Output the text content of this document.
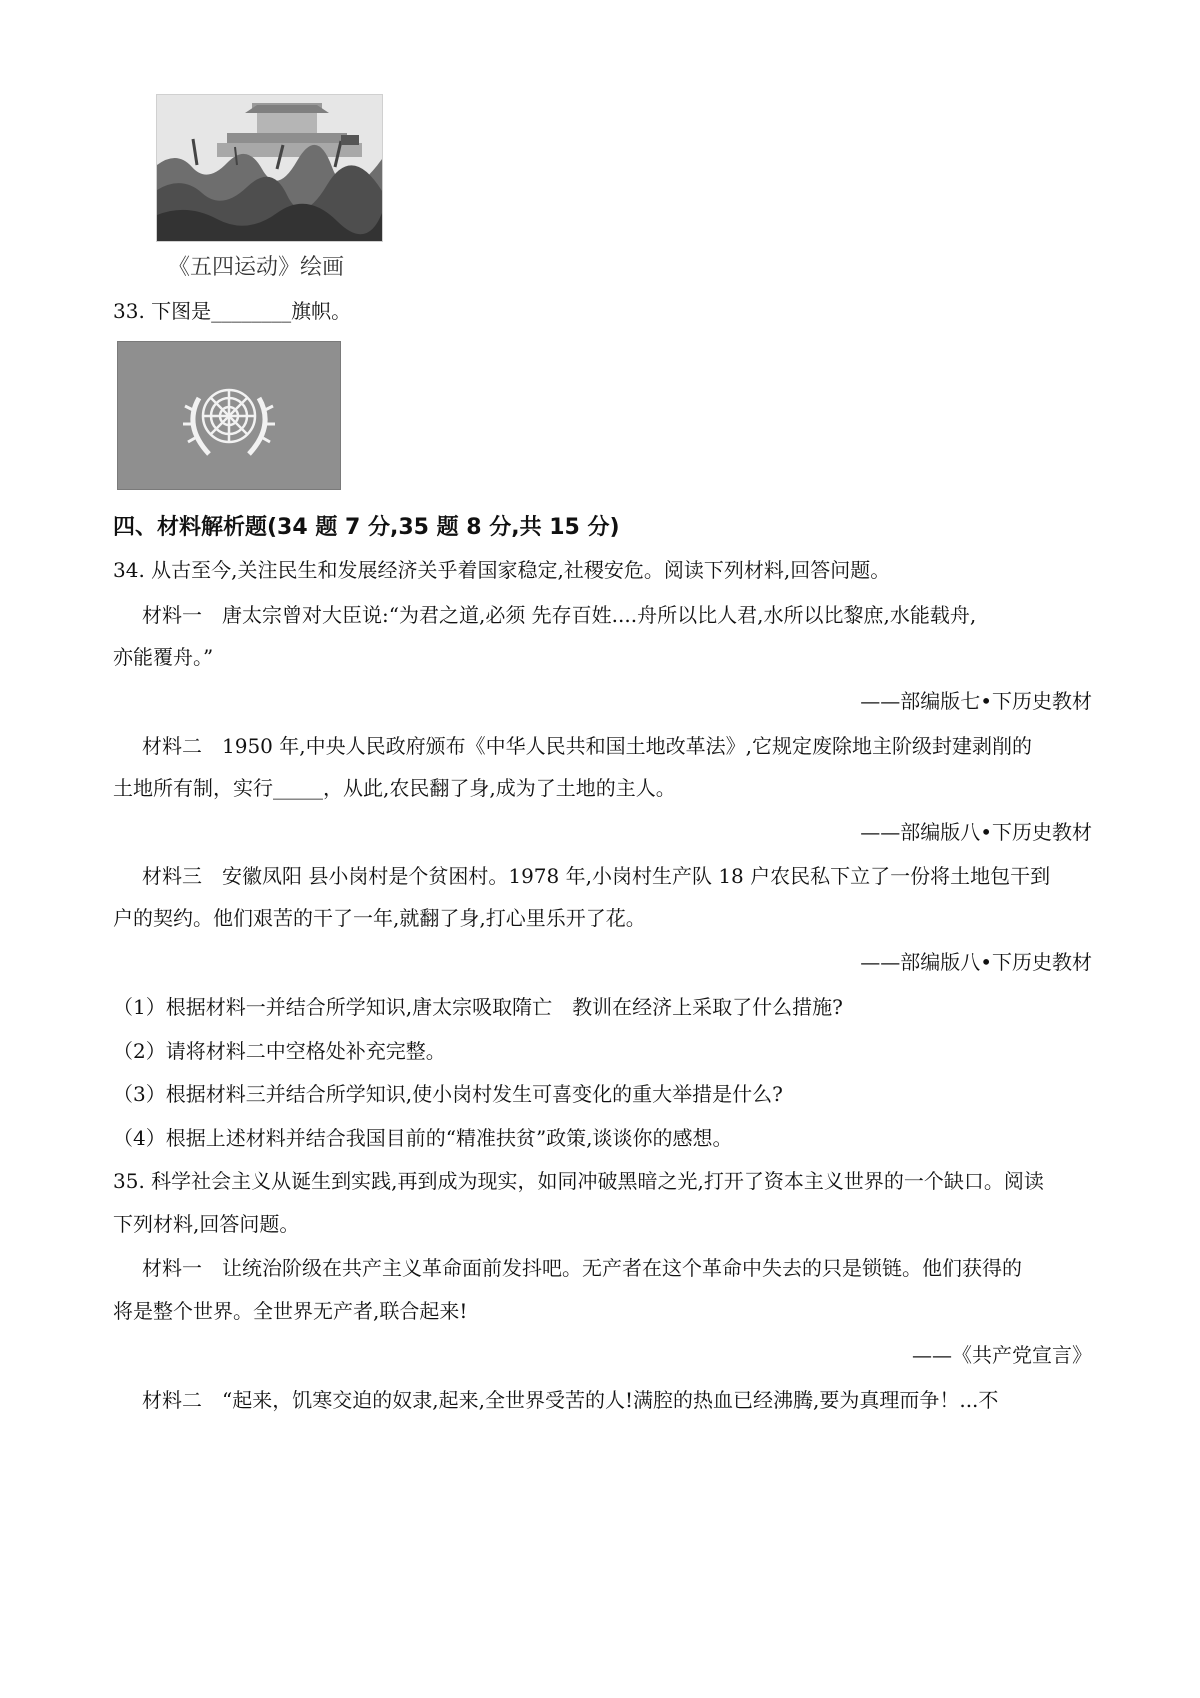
《五四运动》绘画
33. 下图是________旗帜。
四、材料解析题(34 题 7 分,35 题 8 分,共 15 分)
34. 从古至今,关注民生和发展经济关乎着国家稳定,社稷安危。阅读下列材料,回答问题。
材料一　唐太宗曾对大臣说:“为君之道,必须 先存百姓....舟所以比人君,水所以比黎庶,水能载舟,
亦能覆舟。”
——部编版七•下历史教材
材料二　1950 年,中央人民政府颁布《中华人民共和国土地改革法》,它规定废除地主阶级封建剥削的
土地所有制，实行_____，从此,农民翻了身,成为了土地的主人。
——部编版八•下历史教材
材料三　安徽凤阳 县小岗村是个贫困村。1978 年,小岗村生产队 18 户农民私下立了一份将土地包干到
户的契约。他们艰苦的干了一年,就翻了身,打心里乐开了花。
——部编版八•下历史教材
（1）根据材料一并结合所学知识,唐太宗吸取隋亡　教训在经济上采取了什么措施?
（2）请将材料二中空格处补充完整。
（3）根据材料三并结合所学知识,使小岗村发生可喜变化的重大举措是什么?
（4）根据上述材料并结合我国目前的“精准扶贫”政策,谈谈你的感想。
35. 科学社会主义从诞生到实践,再到成为现实，如同冲破黑暗之光,打开了资本主义世界的一个缺口。阅读
下列材料,回答问题。
材料一　让统治阶级在共产主义革命面前发抖吧。无产者在这个革命中失去的只是锁链。他们获得的
将是整个世界。全世界无产者,联合起来!
——《共产党宣言》
材料二　“起来，饥寒交迫的奴隶,起来,全世界受苦的人!满腔的热血已经沸腾,要为真理而争！...不
